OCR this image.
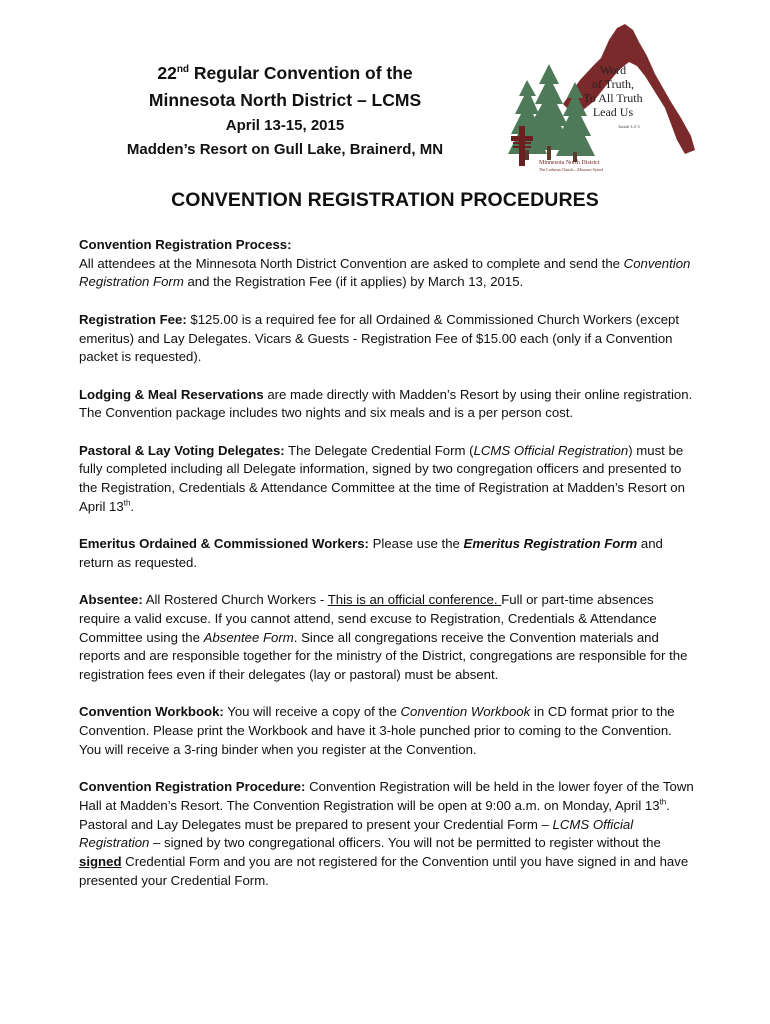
22nd Regular Convention of the
Minnesota North District – LCMS
April 13-15, 2015
Madden’s Resort on Gull Lake, Brainerd, MN
Word
of Truth,
To All Truth
Lead Us
Isaiah 3:2-3
Minnesota North District
The Lutheran Church—Missouri Synod
CONVENTION REGISTRATION PROCEDURES

Convention Registration Process:
All attendees at the Minnesota North District Convention are asked to complete and send the Convention Registration Form and the Registration Fee (if it applies) by March 13, 2015.

Registration Fee: $125.00 is a required fee for all Ordained & Commissioned Church Workers (except emeritus) and Lay Delegates. Vicars & Guests - Registration Fee of $15.00 each (only if a Convention packet is requested).

Lodging & Meal Reservations are made directly with Madden’s Resort by using their online registration. The Convention package includes two nights and six meals and is a per person cost.

Pastoral & Lay Voting Delegates: The Delegate Credential Form (LCMS Official Registration) must be fully completed including all Delegate information, signed by two congregation officers and presented to the Registration, Credentials & Attendance Committee at the time of Registration at Madden’s Resort on April 13th.

Emeritus Ordained & Commissioned Workers: Please use the Emeritus Registration Form and return as requested.

Absentee: All Rostered Church Workers - This is an official conference. Full or part-time absences require a valid excuse. If you cannot attend, send excuse to Registration, Credentials & Attendance Committee using the Absentee Form. Since all congregations receive the Convention materials and reports and are responsible together for the ministry of the District, congregations are responsible for the registration fees even if their delegates (lay or pastoral) must be absent.

Convention Workbook: You will receive a copy of the Convention Workbook in CD format prior to the Convention. Please print the Workbook and have it 3-hole punched prior to coming to the Convention. You will receive a 3-ring binder when you register at the Convention.

Convention Registration Procedure: Convention Registration will be held in the lower foyer of the Town Hall at Madden’s Resort. The Convention Registration will be open at 9:00 a.m. on Monday, April 13th. Pastoral and Lay Delegates must be prepared to present your Credential Form – LCMS Official Registration – signed by two congregational officers. You will not be permitted to register without the signed Credential Form and you are not registered for the Convention until you have signed in and have presented your Credential Form.
